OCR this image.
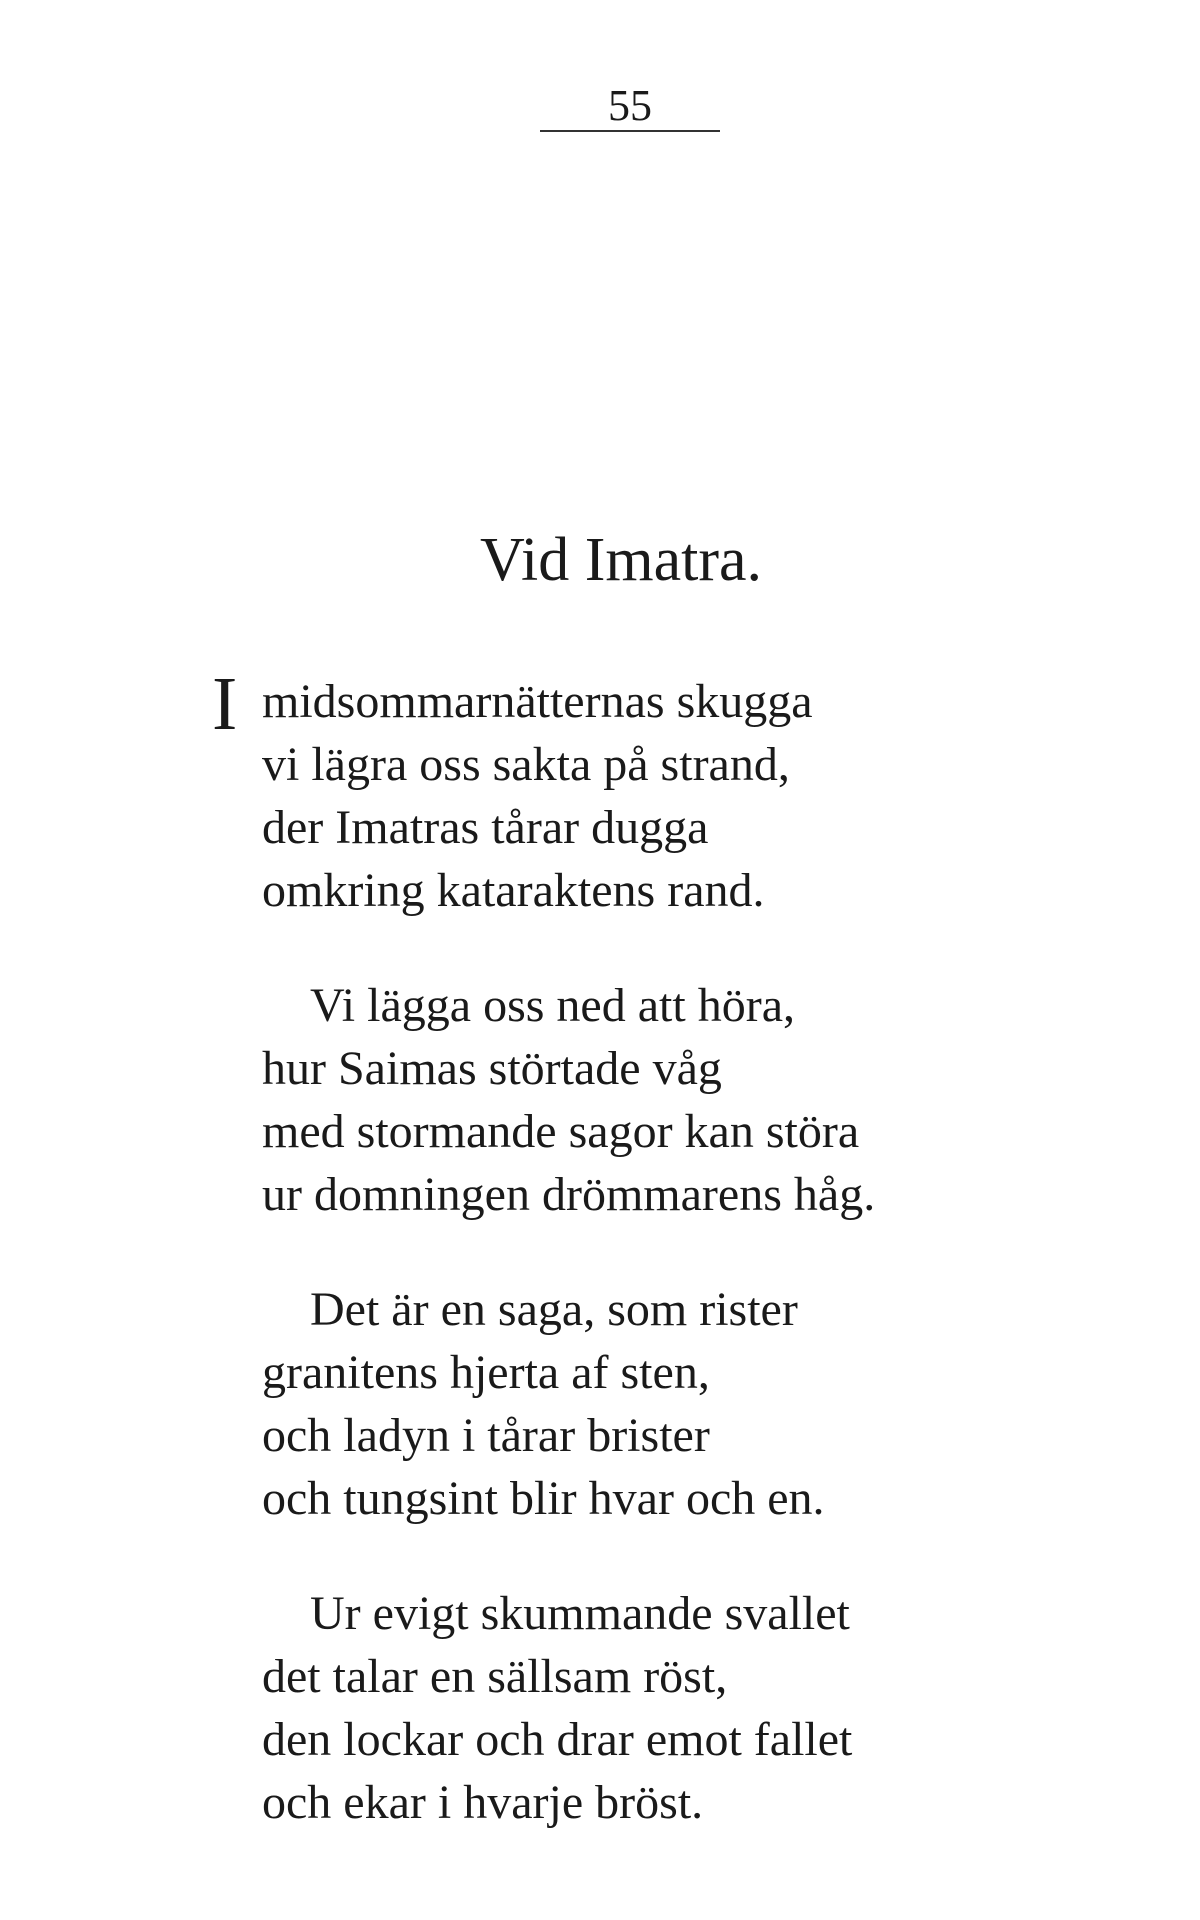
55
Vid Imatra.
I midsommarnätternas skugga
vi lägra oss sakta på strand,
der Imatras tårar dugga
omkring kataraktens rand.
Vi lägga oss ned att höra,
hur Saimas störtade våg
med stormande sagor kan störa
ur domningen drömmarens håg.
Det är en saga, som rister
granitens hjerta af sten,
och ladyn i tårar brister
och tungsint blir hvar och en.
Ur evigt skummande svallet
det talar en sällsam röst,
den lockar och drar emot fallet
och ekar i hvarje bröst.
